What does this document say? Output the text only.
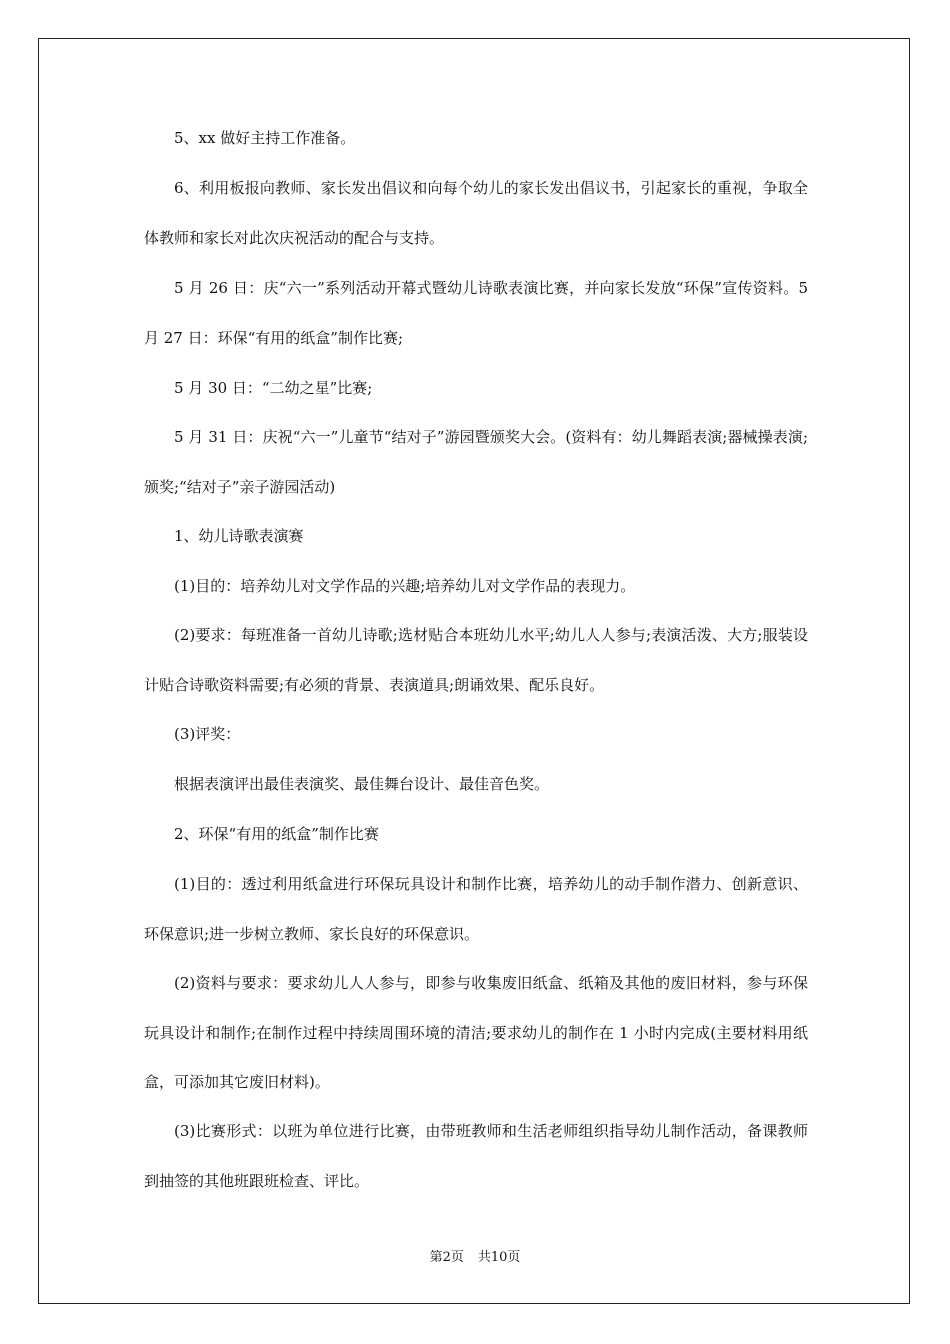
5、xx 做好主持工作准备。
6、利用板报向教师、家长发出倡议和向每个幼儿的家长发出倡议书，引起家长的重视，争取全体教师和家长对此次庆祝活动的配合与支持。
5 月 26 日：庆“六一”系列活动开幕式暨幼儿诗歌表演比赛，并向家长发放“环保”宣传资料。5 月 27 日：环保“有用的纸盒”制作比赛;
5 月 30 日：“二幼之星”比赛;
5 月 31 日：庆祝“六一”儿童节“结对子”游园暨颁奖大会。(资料有：幼儿舞蹈表演;器械操表演;颁奖;“结对子”亲子游园活动)
1、幼儿诗歌表演赛
(1)目的：培养幼儿对文学作品的兴趣;培养幼儿对文学作品的表现力。
(2)要求：每班准备一首幼儿诗歌;选材贴合本班幼儿水平;幼儿人人参与;表演活泼、大方;服装设计贴合诗歌资料需要;有必须的背景、表演道具;朗诵效果、配乐良好。
(3)评奖：
根据表演评出最佳表演奖、最佳舞台设计、最佳音色奖。
2、环保“有用的纸盒”制作比赛
(1)目的：透过利用纸盒进行环保玩具设计和制作比赛，培养幼儿的动手制作潜力、创新意识、环保意识;进一步树立教师、家长良好的环保意识。
(2)资料与要求：要求幼儿人人参与，即参与收集废旧纸盒、纸箱及其他的废旧材料，参与环保玩具设计和制作;在制作过程中持续周围环境的清洁;要求幼儿的制作在 1 小时内完成(主要材料用纸盒，可添加其它废旧材料)。
(3)比赛形式：以班为单位进行比赛，由带班教师和生活老师组织指导幼儿制作活动，备课教师到抽签的其他班跟班检查、评比。
第2页 共10页
